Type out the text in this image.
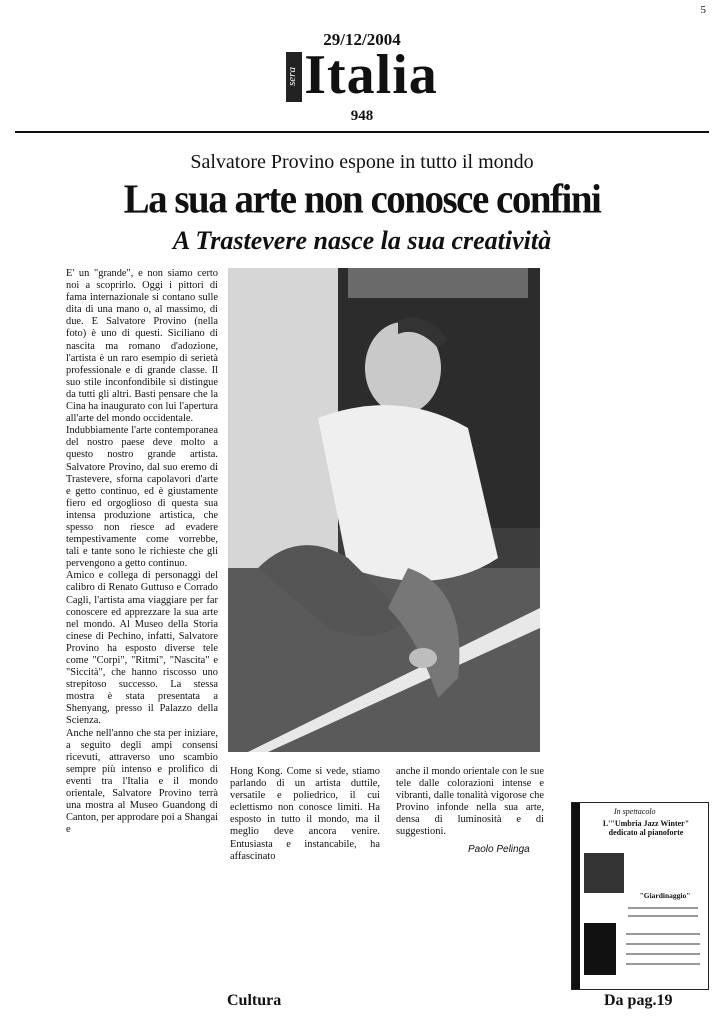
5
29/12/2004
sera Italia
948
Salvatore Provino espone in tutto il mondo
La sua arte non conosce confini
A Trastevere nasce la sua creatività

E' un "grande", e non siamo certo noi a scoprirlo. Oggi i pittori di fama internazionale si contano sulle dita di una mano o, al massimo, di due. E Salvatore Provino (nella foto) è uno di questi. Siciliano di nascita ma romano d'adozione, l'artista è un raro esempio di serietà professionale e di grande classe. Il suo stile inconfondibile si distingue da tutti gli altri. Basti pensare che la Cina ha inaugurato con lui l'apertura all'arte del mondo occidentale.

Indubbiamente l'arte contemporanea del nostro paese deve molto a questo nostro grande artista. Salvatore Provino, dal suo eremo di Trastevere, sforna capolavori d'arte e getto continuo, ed è giustamente fiero ed orgoglioso di questa sua intensa produzione artistica, che spesso non riesce ad evadere tempestivamente come vorrebbe, tali e tante sono le richieste che gli pervengono a getto continuo.

Amico e collega di personaggi del calibro di Renato Guttuso e Corrado Cagli, l'artista ama viaggiare per far conoscere ed apprezzare la sua arte nel mondo. Al Museo della Storia cinese di Pechino, infatti, Salvatore Provino ha esposto diverse tele come "Corpi", "Ritmi", "Nascita" e "Siccità", che hanno riscosso uno strepitoso successo. La stessa mostra è stata presentata a Shenyang, presso il Palazzo della Scienza.

Anche nell'anno che sta per iniziare, a seguito degli ampi consensi ricevuti, attraverso uno scambio sempre più intenso e prolifico di eventi tra l'Italia e il mondo orientale, Salvatore Provino terrà una mostra al Museo Guandong di Canton, per approdare poi a Shangai e

Hong Kong. Come si vede, stiamo parlando di un artista duttile, versatile e poliedrico, il cui eclettismo non conosce limiti. Ha esposto in tutto il mondo, ma il meglio deve ancora venire. Entusiasta e instancabile, ha affascinato

anche il mondo orientale con le sue tele dalle colorazioni intense e vibranti, dalle tonalità vigorose che Provino infonde nella sua arte, densa di luminosità e di suggestioni.

Paolo Pelinga
In spettacolo
L'"Umbria Jazz Winter" dedicato al pianoforte
"Giardinaggio"
Cultura	Da pag.19
